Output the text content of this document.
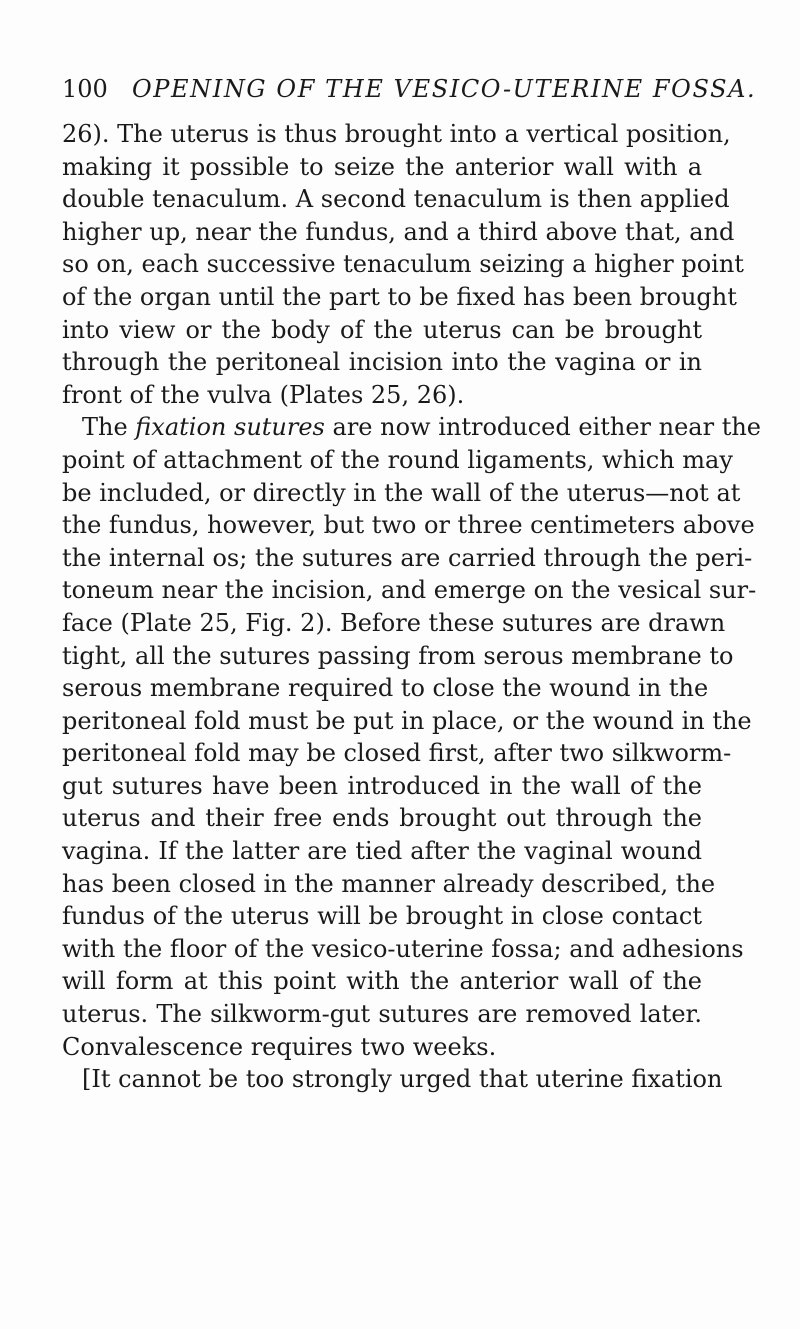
100 OPENING OF THE VESICO-UTERINE FOSSA.
26). The uterus is thus brought into a vertical position,
making it possible to seize the anterior wall with a
double tenaculum. A second tenaculum is then applied
higher up, near the fundus, and a third above that, and
so on, each successive tenaculum seizing a higher point
of the organ until the part to be fixed has been brought
into view or the body of the uterus can be brought
through the peritoneal incision into the vagina or in
front of the vulva (Plates 25, 26).
The fixation sutures are now introduced either near the
point of attachment of the round ligaments, which may
be included, or directly in the wall of the uterus—not at
the fundus, however, but two or three centimeters above
the internal os; the sutures are carried through the peri-
toneum near the incision, and emerge on the vesical sur-
face (Plate 25, Fig. 2). Before these sutures are drawn
tight, all the sutures passing from serous membrane to
serous membrane required to close the wound in the
peritoneal fold must be put in place, or the wound in the
peritoneal fold may be closed first, after two silkworm-
gut sutures have been introduced in the wall of the
uterus and their free ends brought out through the
vagina. If the latter are tied after the vaginal wound
has been closed in the manner already described, the
fundus of the uterus will be brought in close contact
with the floor of the vesico-uterine fossa; and adhesions
will form at this point with the anterior wall of the
uterus. The silkworm-gut sutures are removed later.
Convalescence requires two weeks.
[It cannot be too strongly urged that uterine fixation
